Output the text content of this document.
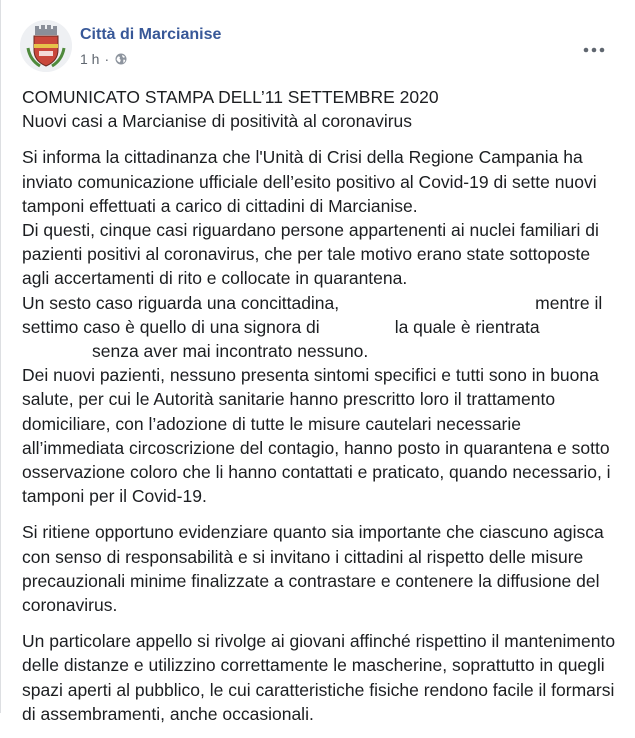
Città di Marcianise
1 h ·

COMUNICATO STAMPA DELL’11 SETTEMBRE 2020
Nuovi casi a Marcianise di positività al coronavirus

Si informa la cittadinanza che l'Unità di Crisi della Regione Campania ha
inviato comunicazione ufficiale dell’esito positivo al Covid-19 di sette nuovi
tamponi effettuati a carico di cittadini di Marcianise.
Di questi, cinque casi riguardano persone appartenenti ai nuclei familiari di
pazienti positivi al coronavirus, che per tale motivo erano state sottoposte
agli accertamenti di rito e collocate in quarantena.
Un sesto caso riguarda una concittadina,	mentre il
settimo caso è quello di una signora di	la quale è rientrata
senza aver mai incontrato nessuno.
Dei nuovi pazienti, nessuno presenta sintomi specifici e tutti sono in buona
salute, per cui le Autorità sanitarie hanno prescritto loro il trattamento
domiciliare, con l’adozione di tutte le misure cautelari necessarie
all’immediata circoscrizione del contagio, hanno posto in quarantena e sotto
osservazione coloro che li hanno contattati e praticato, quando necessario, i
tamponi per il Covid-19.

Si ritiene opportuno evidenziare quanto sia importante che ciascuno agisca
con senso di responsabilità e si invitano i cittadini al rispetto delle misure
precauzionali minime finalizzate a contrastare e contenere la diffusione del
coronavirus.

Un particolare appello si rivolge ai giovani affinché rispettino il mantenimento
delle distanze e utilizzino correttamente le mascherine, soprattutto in quegli
spazi aperti al pubblico, le cui caratteristiche fisiche rendono facile il formarsi
di assembramenti, anche occasionali.
